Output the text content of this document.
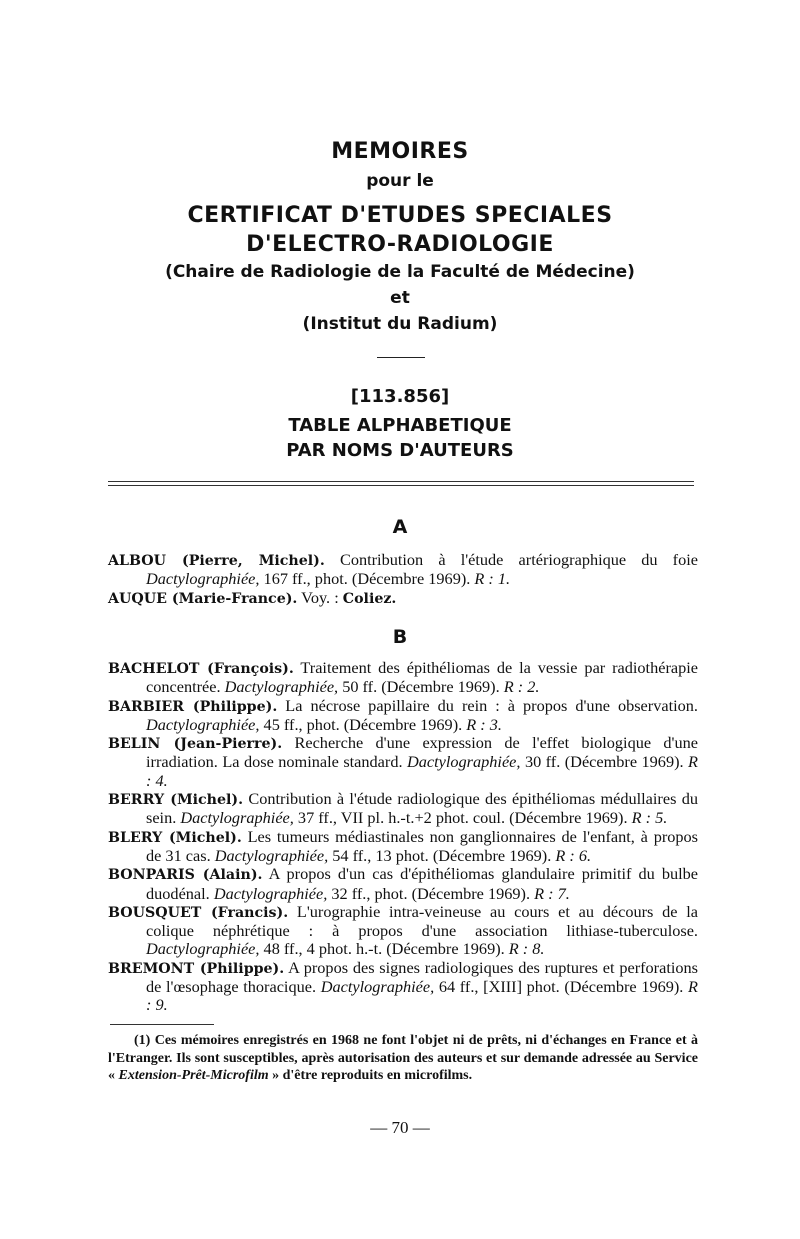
MEMOIRES
pour le
CERTIFICAT D'ETUDES SPECIALES
D'ELECTRO-RADIOLOGIE
(Chaire de Radiologie de la Faculté de Médecine)
et
(Institut du Radium)
[113.856]
TABLE ALPHABETIQUE
PAR NOMS D'AUTEURS
A

ALBOU (Pierre, Michel). Contribution à l'étude artériographique du foie Dactylographiée, 167 ff., phot. (Décembre 1969). R : 1.

AUQUE (Marie-France). Voy. : Coliez.

B

BACHELOT (François). Traitement des épithéliomas de la vessie par radiothérapie concentrée. Dactylographiée, 50 ff. (Décembre 1969). R : 2.

BARBIER (Philippe). La nécrose papillaire du rein : à propos d'une observation. Dactylographiée, 45 ff., phot. (Décembre 1969). R : 3.

BELIN (Jean-Pierre). Recherche d'une expression de l'effet biologique d'une irradiation. La dose nominale standard. Dactylographiée, 30 ff. (Décembre 1969). R : 4.

BERRY (Michel). Contribution à l'étude radiologique des épithéliomas médullaires du sein. Dactylographiée, 37 ff., VII pl. h.-t.+2 phot. coul. (Décembre 1969). R : 5.

BLERY (Michel). Les tumeurs médiastinales non ganglionnaires de l'enfant, à propos de 31 cas. Dactylographiée, 54 ff., 13 phot. (Décembre 1969). R : 6.

BONPARIS (Alain). A propos d'un cas d'épithéliomas glandulaire primitif du bulbe duodénal. Dactylographiée, 32 ff., phot. (Décembre 1969). R : 7.

BOUSQUET (Francis). L'urographie intra-veineuse au cours et au décours de la colique néphrétique : à propos d'une association lithiase-tuberculose. Dactylographiée, 48 ff., 4 phot. h.-t. (Décembre 1969). R : 8.

BREMONT (Philippe). A propos des signes radiologiques des ruptures et perforations de l'œsophage thoracique. Dactylographiée, 64 ff., [XIII] phot. (Décembre 1969). R : 9.

(1) Ces mémoires enregistrés en 1968 ne font l'objet ni de prêts, ni d'échanges en France et à l'Etranger. Ils sont susceptibles, après autorisation des auteurs et sur demande adressée au Service « Extension-Prêt-Microfilm » d'être reproduits en microfilms.

— 70 —
